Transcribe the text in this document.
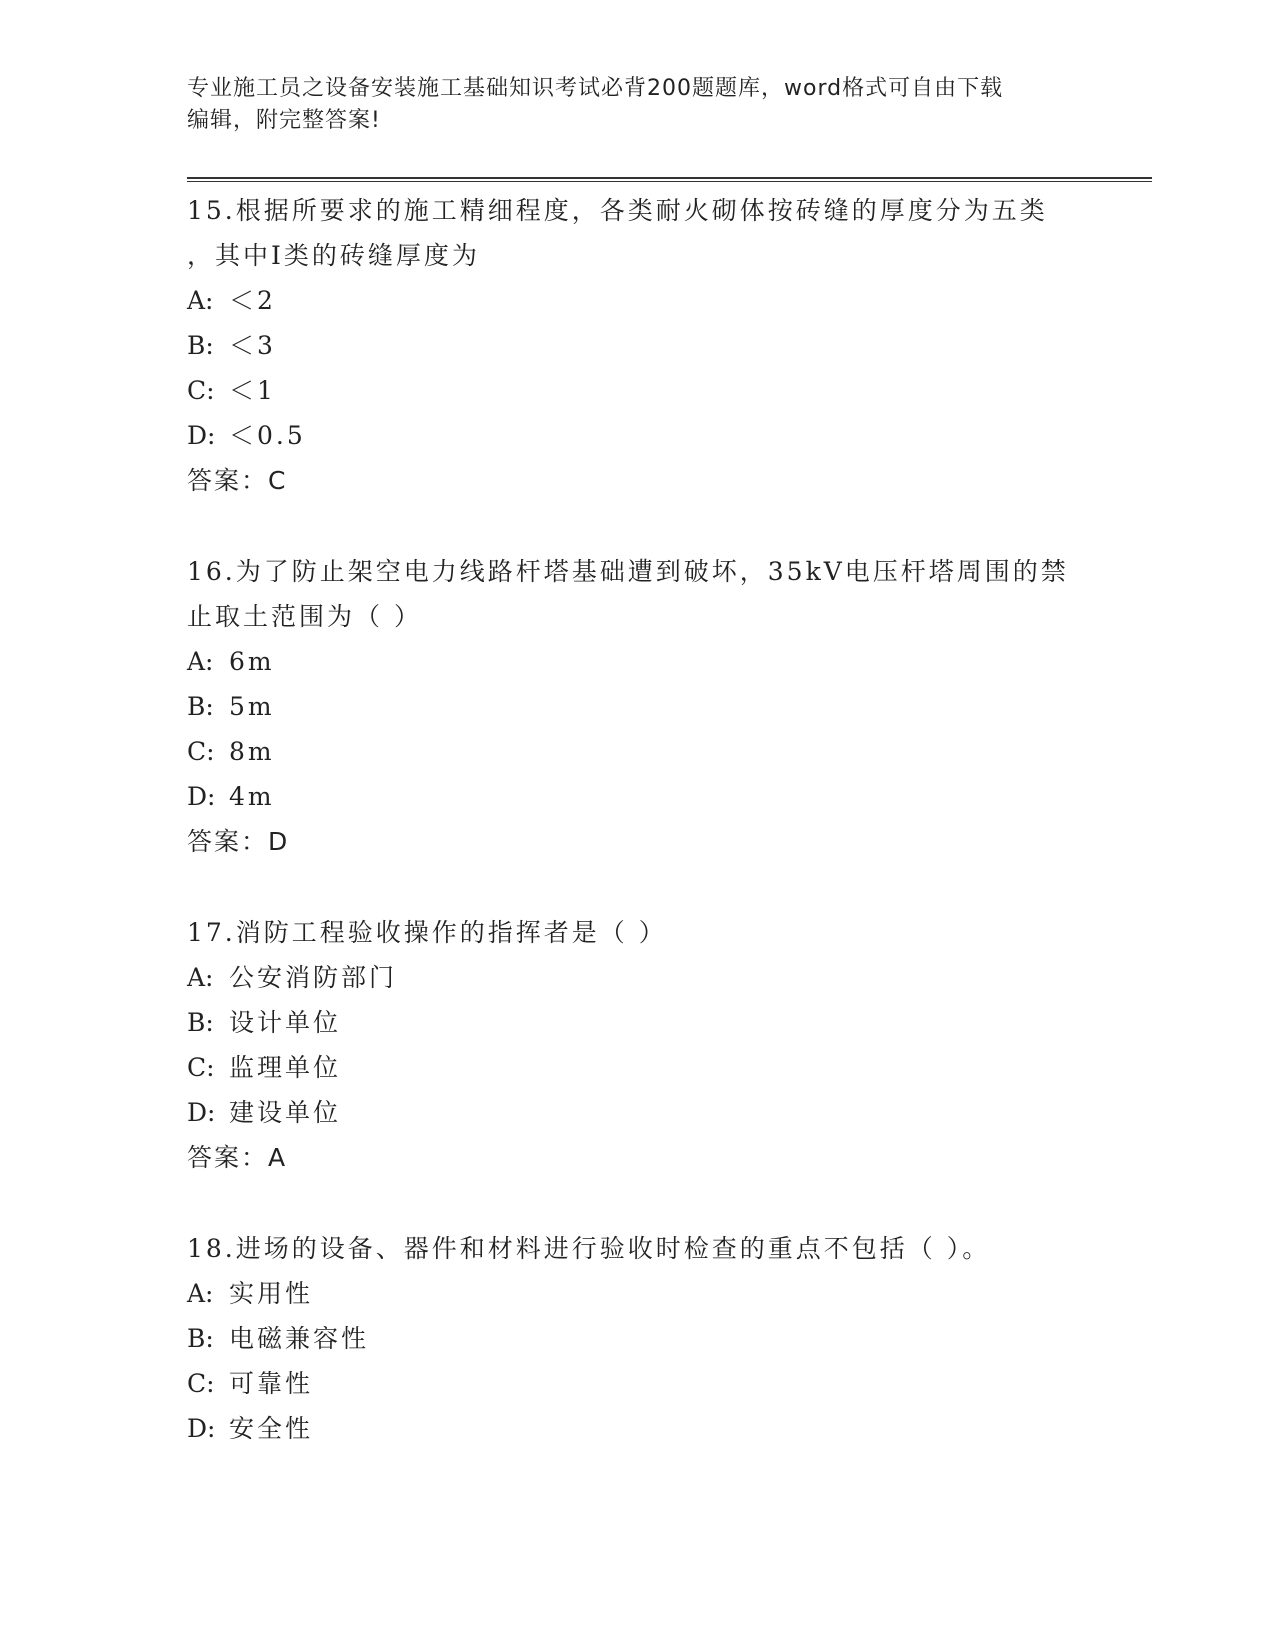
专业施工员之设备安装施工基础知识考试必背200题题库，word格式可自由下载
编辑，附完整答案!
15.根据所要求的施工精细程度，各类耐火砌体按砖缝的厚度分为五类
，其中Ⅰ类的砖缝厚度为
A: ＜2
B: ＜3
C: ＜1
D: ＜0.5
答案：C
16.为了防止架空电力线路杆塔基础遭到破坏，35kV电压杆塔周围的禁
止取土范围为（ ）
A: 6m
B: 5m
C: 8m
D: 4m
答案：D
17.消防工程验收操作的指挥者是（ ）
A: 公安消防部门
B: 设计单位
C: 监理单位
D: 建设单位
答案：A
18.进场的设备、器件和材料进行验收时检查的重点不包括（ ）。
A: 实用性
B: 电磁兼容性
C: 可靠性
D: 安全性
